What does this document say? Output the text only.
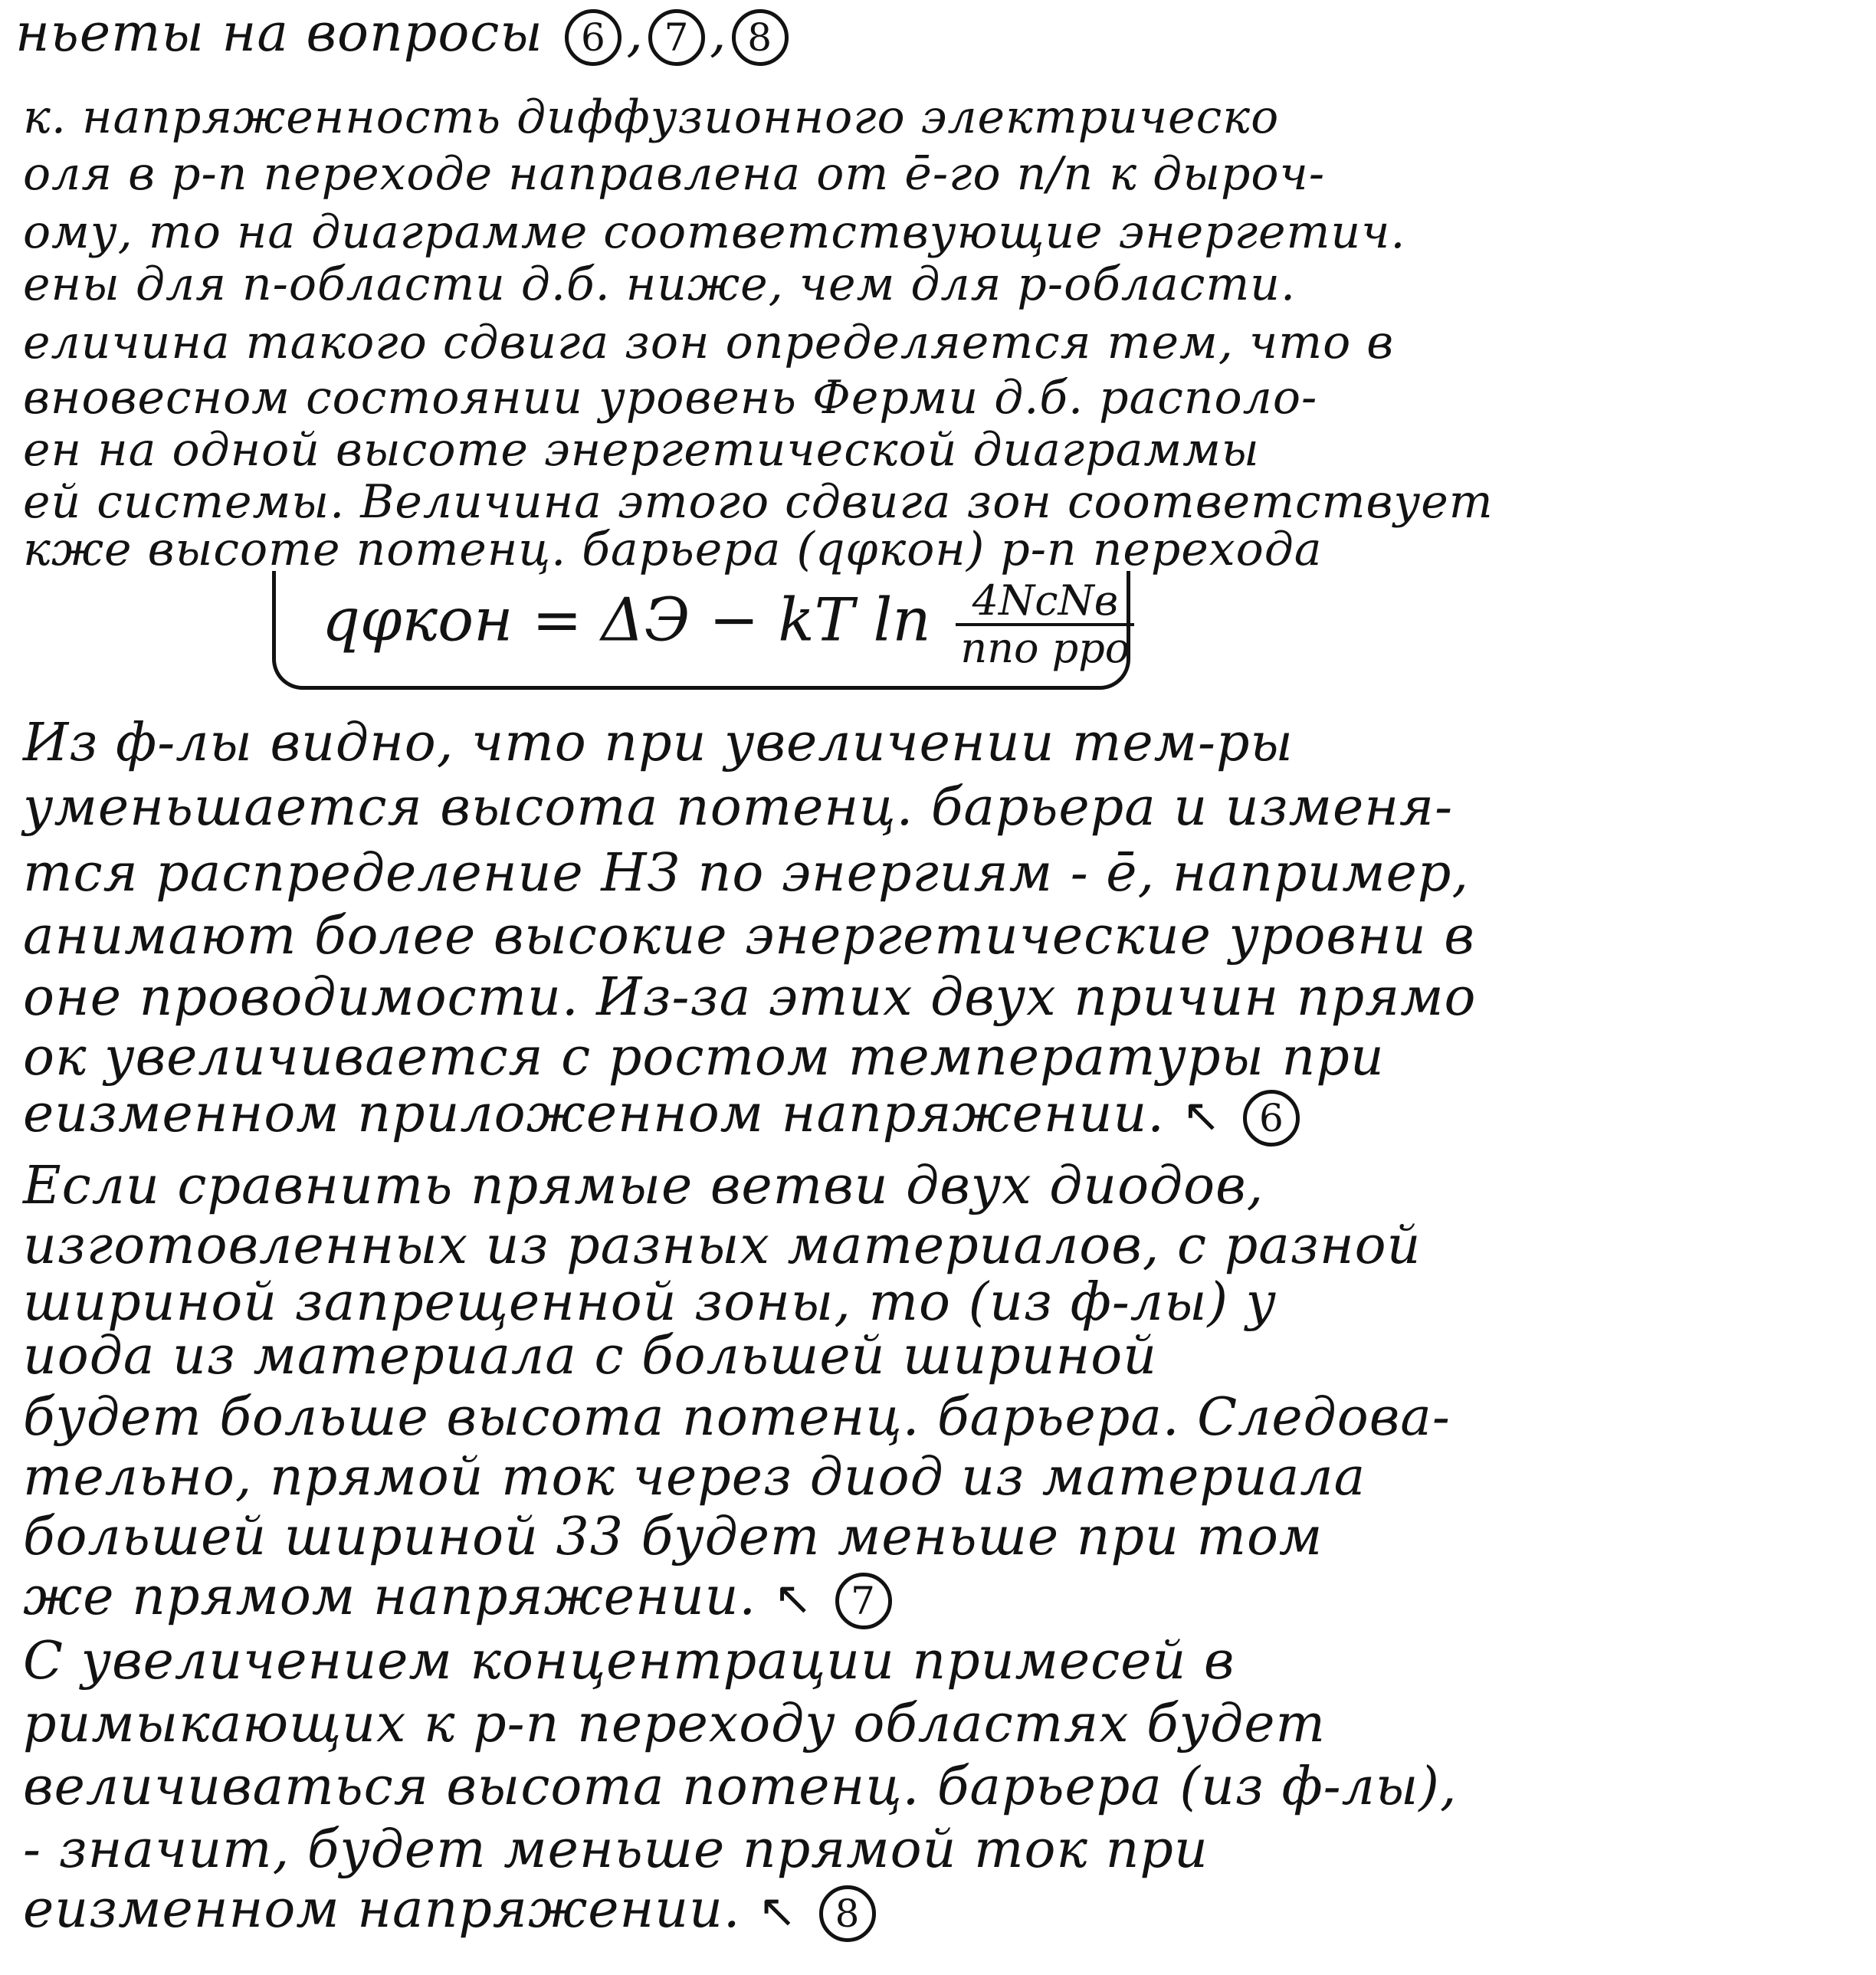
ньеты на вопросы 6 , 7 , 8
к. напряженность диффузионного электрическо
оля в p-n переходе направлена от ē-го п/п к дыроч-
ому, то на диаграмме соответствующие энергетич.
ены для n-области д.б. ниже, чем для p-области.
еличина такого сдвига зон определяется тем, что в
вновесном состоянии уровень Ферми д.б. располо-
ен на одной высоте энергетической диаграммы
ей системы. Величина этого сдвига зон соответствует
кже высоте потенц. барьера (qφкон) p-n перехода
qφкон = ΔЭ − kT $\ln \frac{\text{4NcNв}}{\text{nno pро}}$
Из ф-лы видно, что при увеличении тем-ры
уменьшается высота потенц. барьера и изменя-
тся распределение НЗ по энергиям - ē, например,
анимают более высокие энергетические уровни в
оне проводимости. Из-за этих двух причин прямо
ок увеличивается с ростом температуры при
еизменном приложенном напряжении. ↖ 6
Если сравнить прямые ветви двух диодов,
изготовленных из разных материалов, с разной
шириной запрещенной зоны, то (из ф-лы) у
иода из материала с большей шириной
будет больше высота потенц. барьера. Следова-
тельно, прямой ток через диод из материала
большей шириной 33 будет меньше при том
же прямом напряжении. ↖ 7
С увеличением концентрации примесей в
римыкающих к p-n переходу областях будет
величиваться высота потенц. барьера (из ф-лы),
- значит, будет меньше прямой ток при
еизменном напряжении. ↖ 8
